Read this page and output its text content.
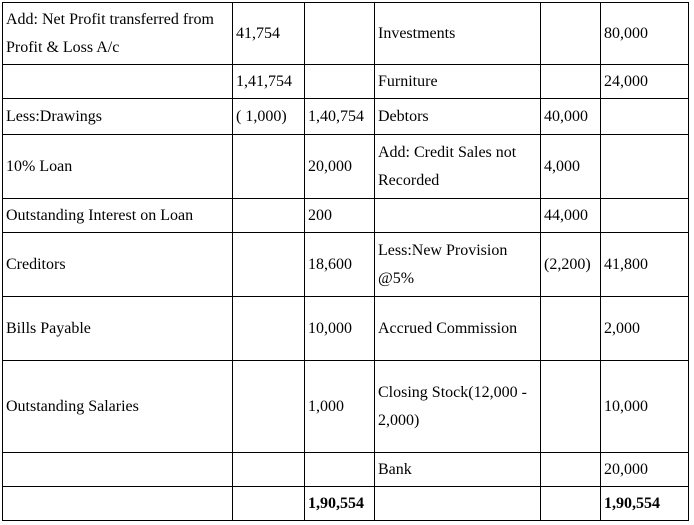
Add: Net Profit transferred from Profit & Loss A/c	41,754		Investments		80,000
	1,41,754		Furniture		24,000
Less:Drawings	( 1,000)	1,40,754	Debtors	40,000	
10% Loan		20,000	Add: Credit Sales not Recorded	4,000	
Outstanding Interest on Loan		200		44,000	
Creditors		18,600	Less:New Provision @5%	(2,200)	41,800
Bills Payable		10,000	Accrued Commission		2,000
Outstanding Salaries		1,000	Closing Stock(12,000 - 2,000)		10,000
			Bank		20,000
		1,90,554			1,90,554
